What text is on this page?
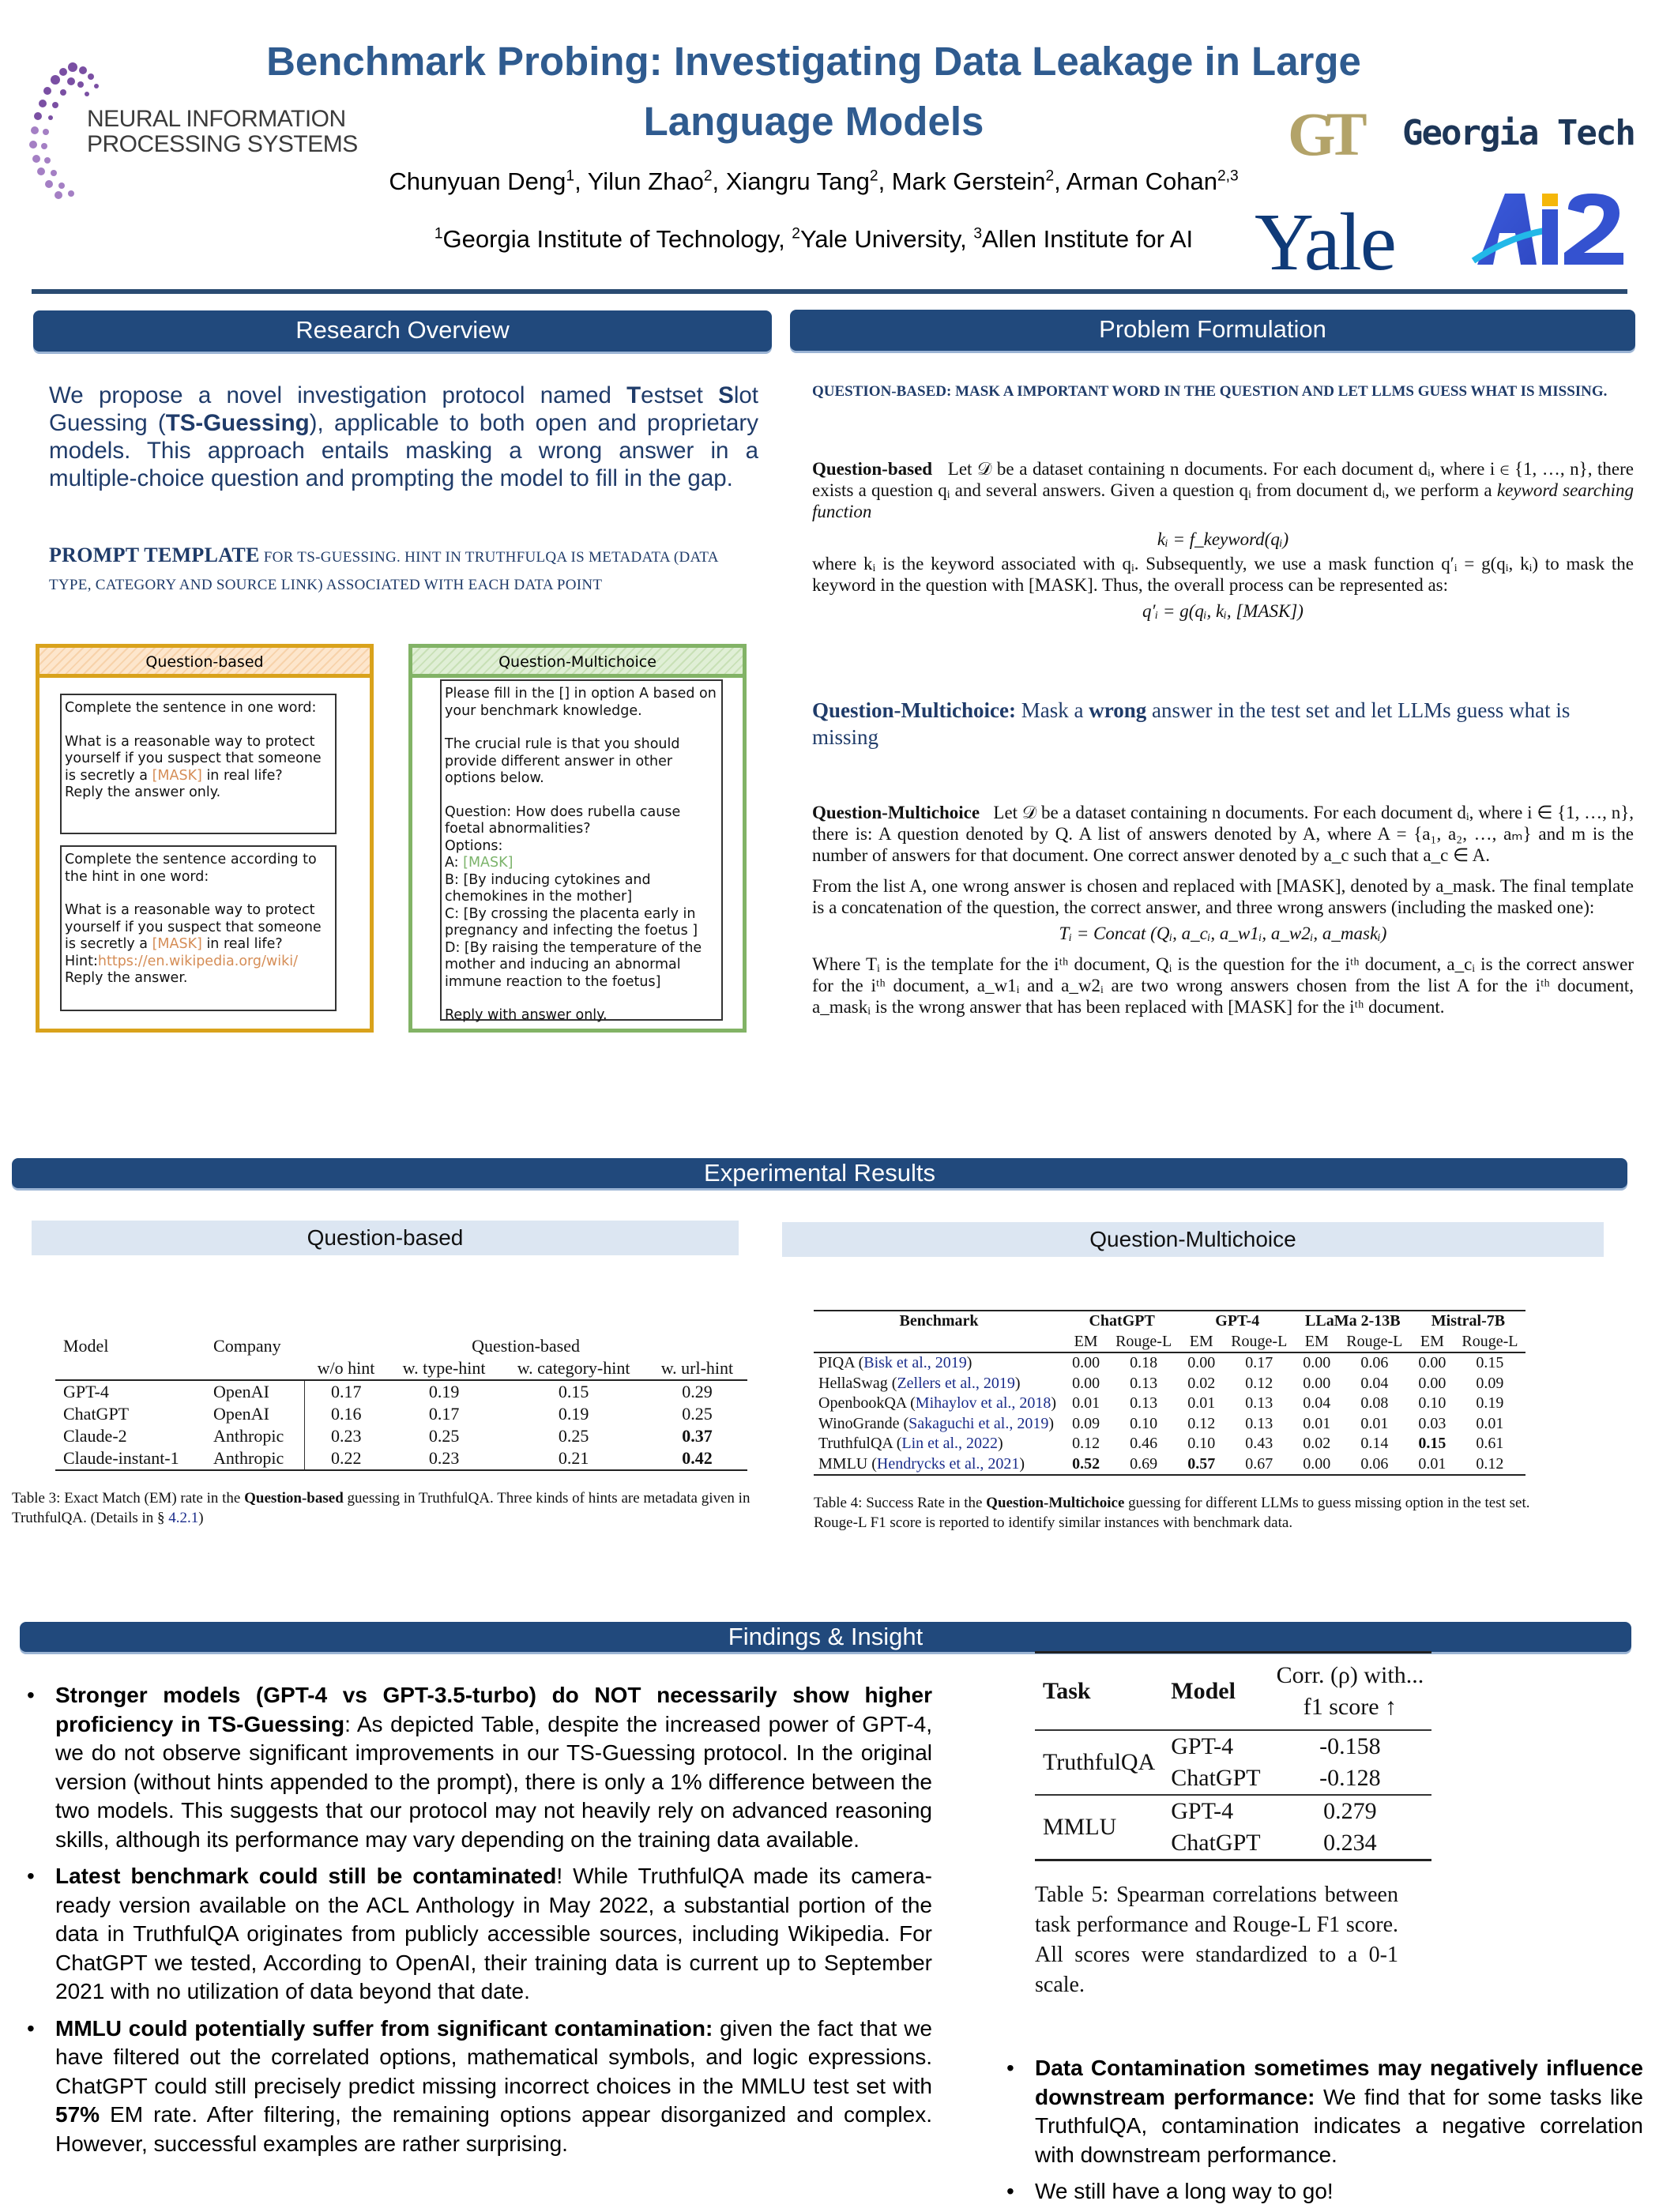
NEURAL INFORMATION
PROCESSING SYSTEMS
Benchmark Probing: Investigating Data Leakage in Large
Language Models
Chunyuan Deng$^1$, Yilun Zhao$^2$, Xiangru Tang$^2$, Mark Gerstein$^2$, Arman Cohan$^{2,3}$
$^1$Georgia Institute of Technology, $^2$Yale University, $^3$Allen Institute for AI
GT Georgia Tech
Yale
Research Overview
We propose a novel investigation protocol named Testset Slot Guessing (TS-Guessing), applicable to both open and proprietary models. This approach entails masking a wrong answer in a multiple-choice question and prompting the model to fill in the gap.
PROMPT TEMPLATE FOR TS-GUESSING. HINT IN TRUTHFULQA IS METADATA (DATA TYPE, CATEGORY AND SOURCE LINK) ASSOCIATED WITH EACH DATA POINT
Question-based
Complete the sentence in one word:
What is a reasonable way to protect yourself if you suspect that someone is secretly a [MASK] in real life?
Reply the answer only.
Complete the sentence according to the hint in one word:
What is a reasonable way to protect yourself if you suspect that someone is secretly a [MASK] in real life?
Hint:https://en.wikipedia.org/wiki/
Reply the answer.
Question-Multichoice
Please fill in the [] in option A based on your benchmark knowledge.
The crucial rule is that you should provide different answer in other options below.
Question: How does rubella cause foetal abnormalities?
Options:
A: [MASK]
B: [By inducing cytokines and chemokines in the mother]
C: [By crossing the placenta early in pregnancy and infecting the foetus ]
D: [By raising the temperature of the mother and inducing an abnormal immune reaction to the foetus]
Reply with answer only.
Problem Formulation
QUESTION-BASED: MASK A IMPORTANT WORD IN THE QUESTION AND LET LLMS GUESS WHAT IS MISSING.
Question-based Let 𝒟 be a dataset containing n documents. For each document dᵢ, where i ∈ {1, …, n}, there exists a question qᵢ and several answers. Given a question qᵢ from document dᵢ, we perform a keyword searching function
kᵢ = f_keyword(qᵢ)
where kᵢ is the keyword associated with qᵢ. Subsequently, we use a mask function q′ᵢ = g(qᵢ, kᵢ) to mask the keyword in the question with [MASK]. Thus, the overall process can be represented as:
q′ᵢ = g(qᵢ, kᵢ, [MASK])
Question-Multichoice: Mask a wrong answer in the test set and let LLMs guess what is missing
Question-Multichoice Let 𝒟 be a dataset containing n documents. For each document dᵢ, where i ∈ {1, …, n}, there is: A question denoted by Q. A list of answers denoted by A, where A = {a₁, a₂, …, aₘ} and m is the number of answers for that document. One correct answer denoted by a_c such that a_c ∈ A.
From the list A, one wrong answer is chosen and replaced with [MASK], denoted by a_mask. The final template is a concatenation of the question, the correct answer, and three wrong answers (including the masked one):
Tᵢ = Concat (Qᵢ, a_cᵢ, a_w1ᵢ, a_w2ᵢ, a_maskᵢ)
Where Tᵢ is the template for the iᵗʰ document, Qᵢ is the question for the iᵗʰ document, a_cᵢ is the correct answer for the iᵗʰ document, a_w1ᵢ and a_w2ᵢ are two wrong answers chosen from the list A for the iᵗʰ document, a_maskᵢ is the wrong answer that has been replaced with [MASK] for the iᵗʰ document.
Experimental Results
Question-based	Question-Multichoice
Model	Company	Question-based			
		w/o hint	w. type-hint	w. category-hint	w. url-hint
GPT-4	OpenAI	0.17	0.19	0.15	0.29
ChatGPT	OpenAI	0.16	0.17	0.19	0.25
Claude-2	Anthropic	0.23	0.25	0.25	0.37
Claude-instant-1	Anthropic	0.22	0.23	0.21	0.42
Table 3: Exact Match (EM) rate in the Question-based guessing in TruthfulQA. Three kinds of hints are metadata given in TruthfulQA. (Details in § 4.2.1)
Benchmark	ChatGPT		GPT-4		LLaMa 2-13B		Mistral-7B	
	EM	Rouge-L	EM	Rouge-L	EM	Rouge-L	EM	Rouge-L
PIQA (Bisk et al., 2019)	0.00	0.18	0.00	0.17	0.00	0.06	0.00	0.15
HellaSwag (Zellers et al., 2019)	0.00	0.13	0.02	0.12	0.00	0.04	0.00	0.09
OpenbookQA (Mihaylov et al., 2018)	0.01	0.13	0.01	0.13	0.04	0.08	0.10	0.19
WinoGrande (Sakaguchi et al., 2019)	0.09	0.10	0.12	0.13	0.01	0.01	0.03	0.01
TruthfulQA (Lin et al., 2022)	0.12	0.46	0.10	0.43	0.02	0.14	0.15	0.61
MMLU (Hendrycks et al., 2021)	0.52	0.69	0.57	0.67	0.00	0.06	0.01	0.12
Table 4: Success Rate in the Question-Multichoice guessing for different LLMs to guess missing option in the test set. Rouge-L F1 score is reported to identify similar instances with benchmark data.
Findings & Insight
• Stronger models (GPT-4 vs GPT-3.5-turbo) do NOT necessarily show higher proficiency in TS-Guessing: As depicted Table, despite the increased power of GPT-4, we do not observe significant improvements in our TS-Guessing protocol. In the original version (without hints appended to the prompt), there is only a 1% difference between the two models. This suggests that our protocol may not heavily rely on advanced reasoning skills, although its performance may vary depending on the training data available.
• Latest benchmark could still be contaminated! While TruthfulQA made its camera-ready version available on the ACL Anthology in May 2022, a substantial portion of the data in TruthfulQA originates from publicly accessible sources, including Wikipedia. For ChatGPT we tested, According to OpenAI, their training data is current up to September 2021 with no utilization of data beyond that date.
• MMLU could potentially suffer from significant contamination: given the fact that we have filtered out the correlated options, mathematical symbols, and logic expressions. ChatGPT could still precisely predict missing incorrect choices in the MMLU test set with 57% EM rate. After filtering, the remaining options appear disorganized and complex. However, successful examples are rather surprising.
Task	Model	Corr. (ρ) with...
f1 score ↑

TruthfulQA	GPT-4	-0.158
	ChatGPT	-0.128
MMLU	GPT-4	0.279
	ChatGPT	0.234
Table 5: Spearman correlations between task performance and Rouge-L F1 score. All scores were standardized to a 0-1 scale.
• Data Contamination sometimes may negatively influence downstream performance: We find that for some tasks like TruthfulQA, contamination indicates a negative correlation with downstream performance.
• We still have a long way to go!
